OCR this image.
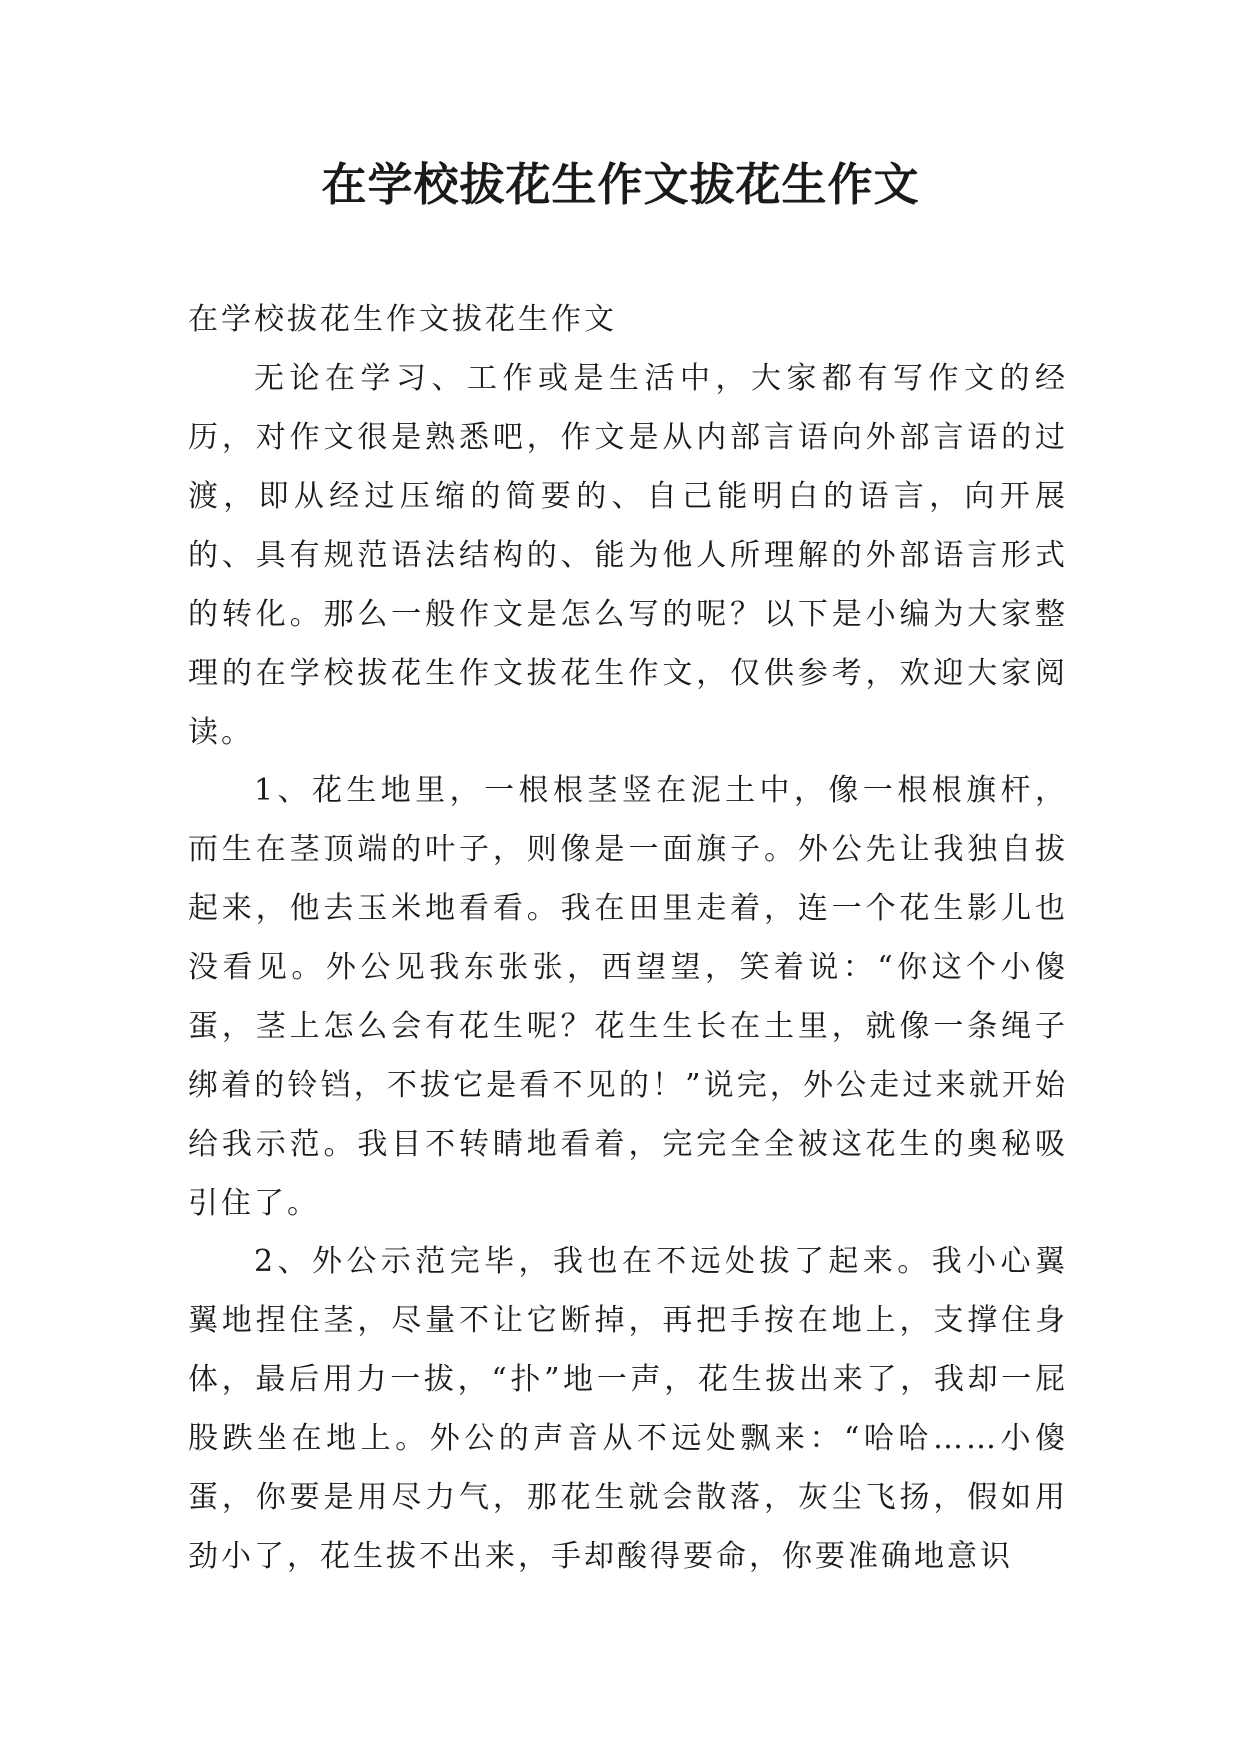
在学校拔花生作文拔花生作文

在学校拔花生作文拔花生作文

无论在学习、工作或是生活中，大家都有写作文的经历，对作文很是熟悉吧，作文是从内部言语向外部言语的过渡，即从经过压缩的简要的、自己能明白的语言，向开展的、具有规范语法结构的、能为他人所理解的外部语言形式的转化。那么一般作文是怎么写的呢？以下是小编为大家整理的在学校拔花生作文拔花生作文，仅供参考，欢迎大家阅读。

1、花生地里，一根根茎竖在泥土中，像一根根旗杆，而生在茎顶端的叶子，则像是一面旗子。外公先让我独自拔起来，他去玉米地看看。我在田里走着，连一个花生影儿也没看见。外公见我东张张，西望望，笑着说：“你这个小傻蛋，茎上怎么会有花生呢？花生生长在土里，就像一条绳子绑着的铃铛，不拔它是看不见的！”说完，外公走过来就开始给我示范。我目不转睛地看着，完完全全被这花生的奥秘吸引住了。

2、外公示范完毕，我也在不远处拔了起来。我小心翼翼地捏住茎，尽量不让它断掉，再把手按在地上，支撑住身体，最后用力一拔，“扑”地一声，花生拔出来了，我却一屁股跌坐在地上。外公的声音从不远处飘来：“哈哈……小傻蛋，你要是用尽力气，那花生就会散落，灰尘飞扬，假如用劲小了，花生拔不出来，手却酸得要命，你要准确地意识
